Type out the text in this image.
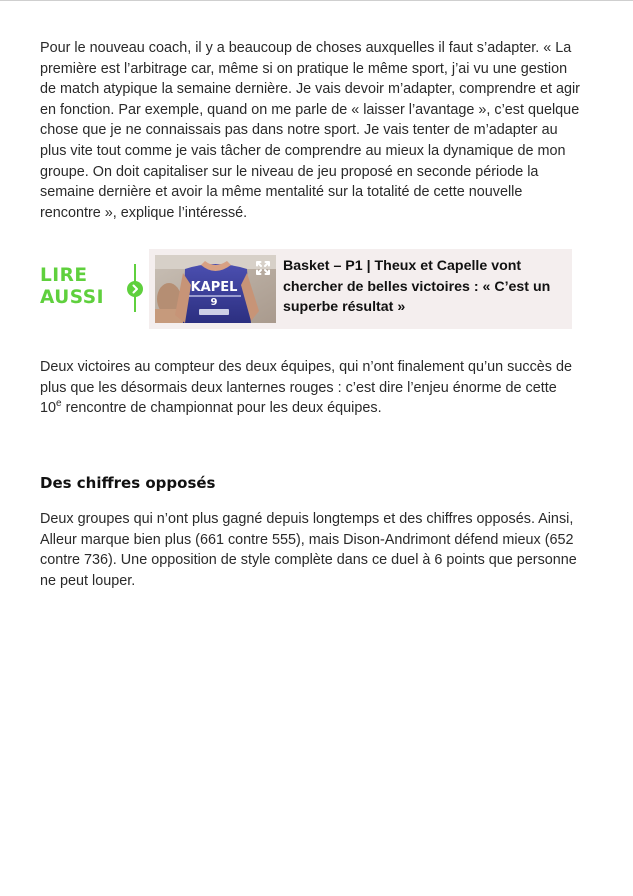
Pour le nouveau coach, il y a beaucoup de choses auxquelles il faut s’adapter. « La première est l’arbitrage car, même si on pratique le même sport, j’ai vu une gestion de match atypique la semaine dernière. Je vais devoir m’adapter, comprendre et agir en fonction. Par exemple, quand on me parle de « laisser l’avantage », c’est quelque chose que je ne connaissais pas dans notre sport. Je vais tenter de m’adapter au plus vite tout comme je vais tâcher de comprendre au mieux la dynamique de mon groupe. On doit capitaliser sur le niveau de jeu proposé en seconde période la semaine dernière et avoir la même mentalité sur la totalité de cette nouvelle rencontre », explique l’intéressé.

LIRE
AUSSI	KAPEL
9
Basket – P1 | Theux et Capelle vont chercher de belles victoires : « C’est un superbe résultat »

Deux victoires au compteur des deux équipes, qui n’ont finalement qu’un succès de plus que les désormais deux lanternes rouges : c’est dire l’enjeu énorme de cette 10e rencontre de championnat pour les deux équipes.

Des chiffres opposés

Deux groupes qui n’ont plus gagné depuis longtemps et des chiffres opposés. Ainsi, Alleur marque bien plus (661 contre 555), mais Dison-Andrimont défend mieux (652 contre 736). Une opposition de style complète dans ce duel à 6 points que personne ne peut louper.
